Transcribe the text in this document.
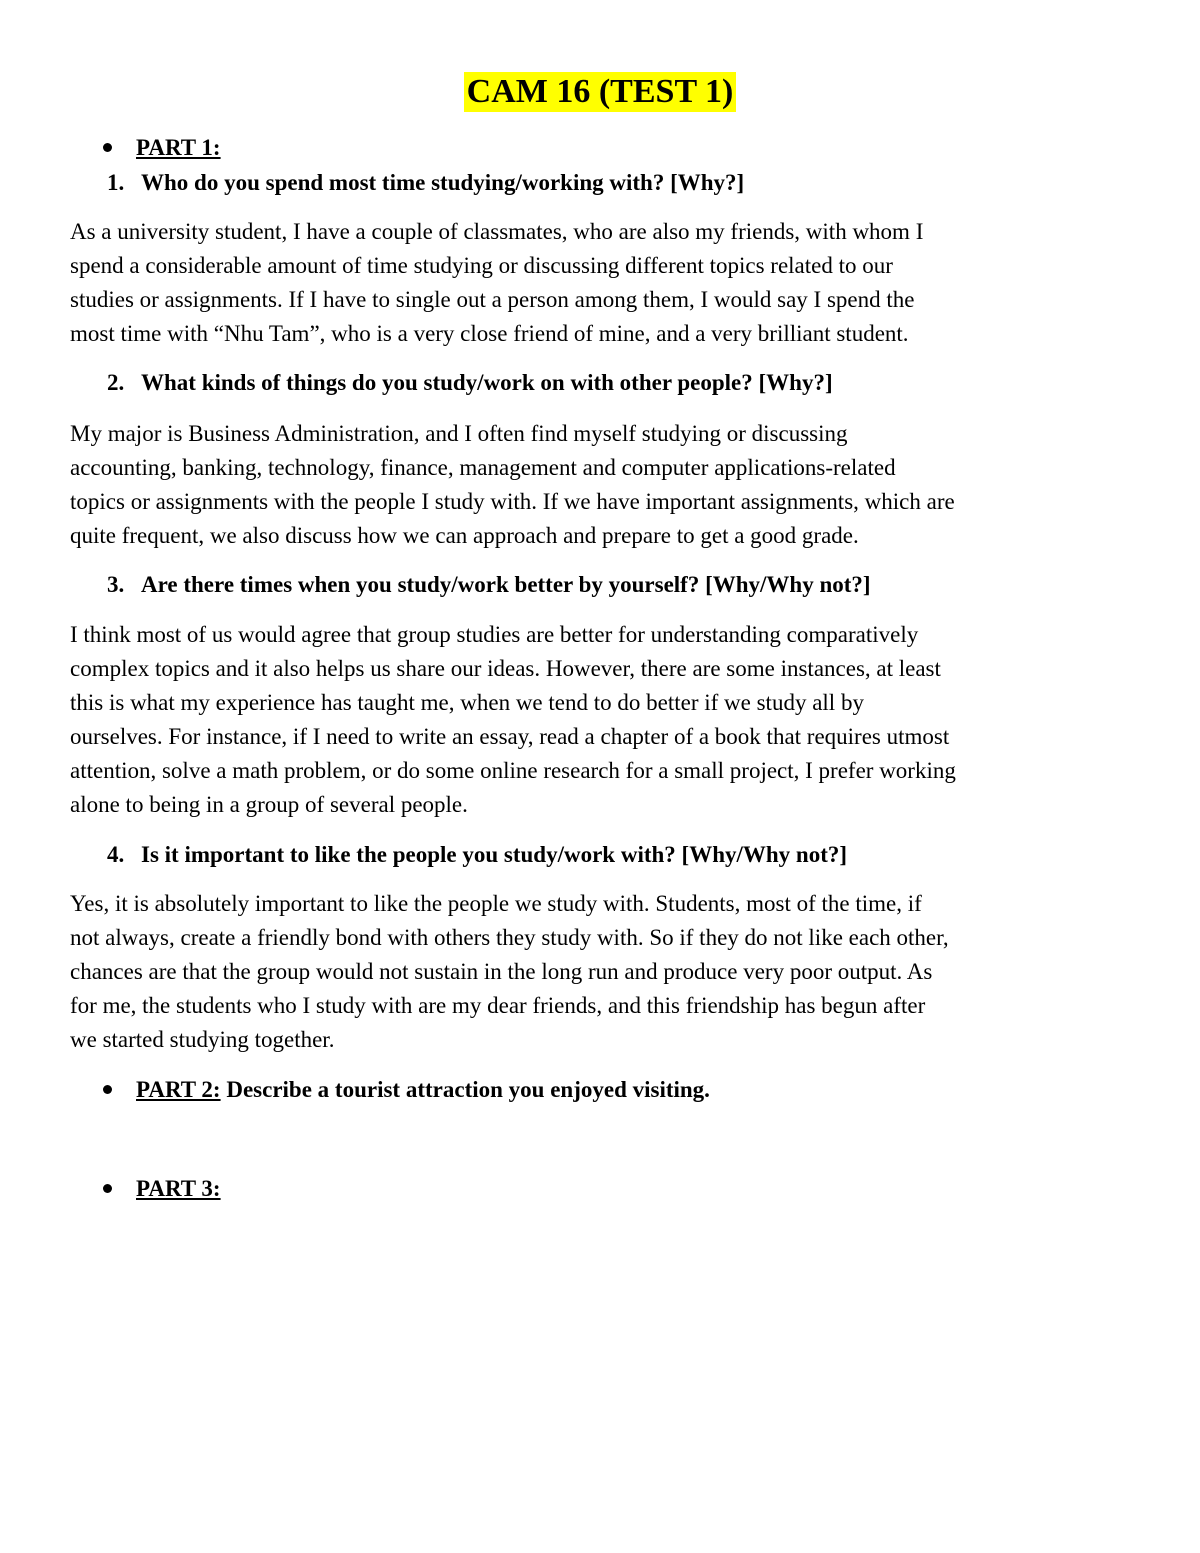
CAM 16 (TEST 1)
PART 1:
1. Who do you spend most time studying/working with? [Why?]
As a university student, I have a couple of classmates, who are also my friends, with whom I
spend a considerable amount of time studying or discussing different topics related to our
studies or assignments. If I have to single out a person among them, I would say I spend the
most time with “Nhu Tam”, who is a very close friend of mine, and a very brilliant student.
2. What kinds of things do you study/work on with other people? [Why?]
My major is Business Administration, and I often find myself studying or discussing
accounting, banking, technology, finance, management and computer applications-related
topics or assignments with the people I study with. If we have important assignments, which are
quite frequent, we also discuss how we can approach and prepare to get a good grade.
3. Are there times when you study/work better by yourself? [Why/Why not?]
I think most of us would agree that group studies are better for understanding comparatively
complex topics and it also helps us share our ideas. However, there are some instances, at least
this is what my experience has taught me, when we tend to do better if we study all by
ourselves. For instance, if I need to write an essay, read a chapter of a book that requires utmost
attention, solve a math problem, or do some online research for a small project, I prefer working
alone to being in a group of several people.
4. Is it important to like the people you study/work with? [Why/Why not?]
Yes, it is absolutely important to like the people we study with. Students, most of the time, if
not always, create a friendly bond with others they study with. So if they do not like each other,
chances are that the group would not sustain in the long run and produce very poor output. As
for me, the students who I study with are my dear friends, and this friendship has begun after
we started studying together.
PART 2: Describe a tourist attraction you enjoyed visiting.
PART 3:
